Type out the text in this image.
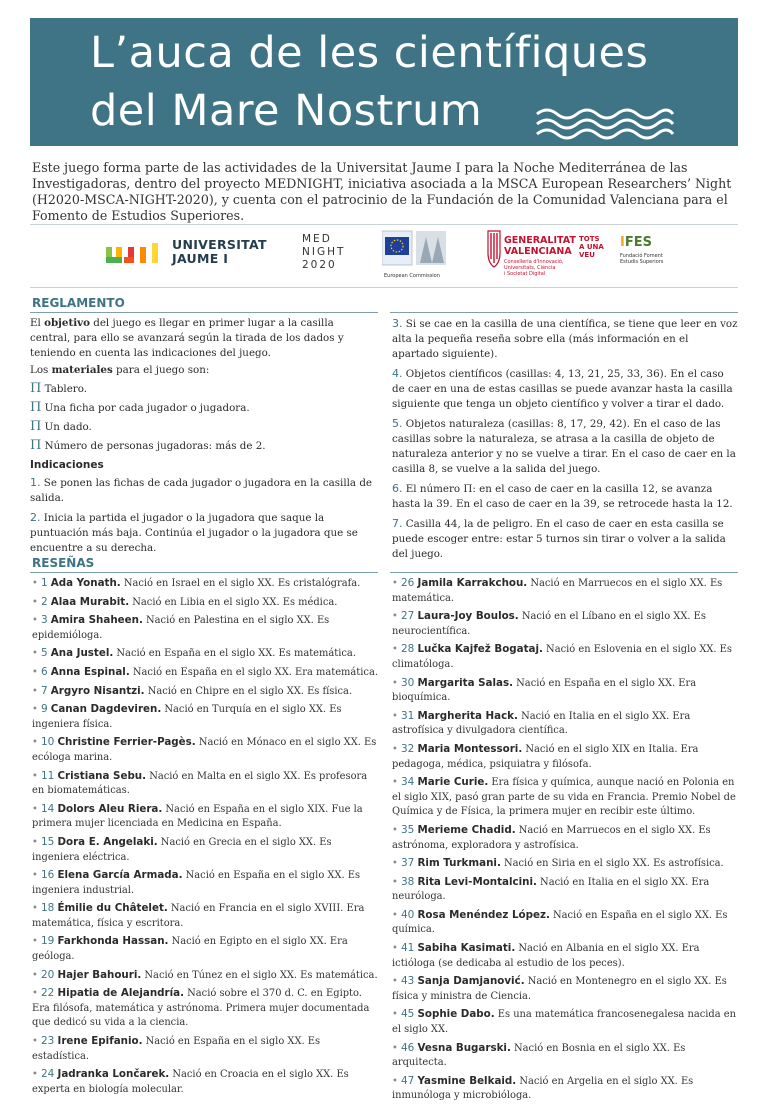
L’auca de les científiques
del Mare Nostrum

Este juego forma parte de las actividades de la Universitat Jaume I para la Noche Mediterránea de las Investigadoras, dentro del proyecto MEDNIGHT, iniciativa asociada a la MSCA European Researchers’ Night (H2020-MSCA-NIGHT-2020), y cuenta con el patrocinio de la Fundación de la Comunidad Valenciana para el Fomento de Estudios Superiores.

UNIVERSITAT
JAUME I
MED
NIGHT
2020
European Commission
GENERALITAT
VALENCIANA
Conselleria d'Innovació,
Universitats, Ciència
i Societat Digital
TOTS
A UNA
VEU
IFES
Fundació Foment
Estudis Superiors
REGLAMENTO

El objetivo del juego es llegar en primer lugar a la casilla central, para ello se avanzará según la tirada de los dados y teniendo en cuenta las indicaciones del juego.

Los materiales para el juego son:

Π Tablero.

Π Una ficha por cada jugador o jugadora.

Π Un dado.

Π Número de personas jugadoras: más de 2.

Indicaciones

1. Se ponen las fichas de cada jugador o jugadora en la casilla de salida.

2. Inicia la partida el jugador o la jugadora que saque la puntuación más baja. Continúa el jugador o la jugadora que se encuentre a su derecha.

3. Si se cae en la casilla de una científica, se tiene que leer en voz alta la pequeña reseña sobre ella (más información en el apartado siguiente).

4. Objetos científicos (casillas: 4, 13, 21, 25, 33, 36). En el caso de caer en una de estas casillas se puede avanzar hasta la casilla siguiente que tenga un objeto científico y volver a tirar el dado.

5. Objetos naturaleza (casillas: 8, 17, 29, 42). En el caso de las casillas sobre la naturaleza, se atrasa a la casilla de objeto de naturaleza anterior y no se vuelve a tirar. En el caso de caer en la casilla 8, se vuelve a la salida del juego.

6. El número Π: en el caso de caer en la casilla 12, se avanza hasta la 39. En el caso de caer en la 39, se retrocede hasta la 12.

7. Casilla 44, la de peligro. En el caso de caer en esta casilla se puede escoger entre: estar 5 turnos sin tirar o volver a la salida del juego.

RESEÑAS

• 1 Ada Yonath. Nació en Israel en el siglo XX. Es cristalógrafa.

• 2 Alaa Murabit. Nació en Libia en el siglo XX. Es médica.

• 3 Amira Shaheen. Nació en Palestina en el siglo XX. Es epidemióloga.

• 5 Ana Justel. Nació en España en el siglo XX. Es matemática.

• 6 Anna Espinal. Nació en España en el siglo XX. Era matemática.

• 7 Argyro Nisantzi. Nació en Chipre en el siglo XX. Es física.

• 9 Canan Dagdeviren. Nació en Turquía en el siglo XX. Es ingeniera física.

• 10 Christine Ferrier-Pagès. Nació en Mónaco en el siglo XX. Es ecóloga marina.

• 11 Cristiana Sebu. Nació en Malta en el siglo XX. Es profesora en biomatemáticas.

• 14 Dolors Aleu Riera. Nació en España en el siglo XIX. Fue la primera mujer licenciada en Medicina en España.

• 15 Dora E. Angelaki. Nació en Grecia en el siglo XX. Es ingeniera eléctrica.

• 16 Elena García Armada. Nació en España en el siglo XX. Es ingeniera industrial.

• 18 Émilie du Châtelet. Nació en Francia en el siglo XVIII. Era matemática, física y escritora.

• 19 Farkhonda Hassan. Nació en Egipto en el siglo XX. Era geóloga.

• 20 Hajer Bahouri. Nació en Túnez en el siglo XX. Es matemática.

• 22 Hipatia de Alejandría. Nació sobre el 370 d. C. en Egipto. Era filósofa, matemática y astrónoma. Primera mujer documentada que dedicó su vida a la ciencia.

• 23 Irene Epifanio. Nació en España en el siglo XX. Es estadística.

• 24 Jadranka Lončarek. Nació en Croacia en el siglo XX. Es experta en biología molecular.

• 26 Jamila Karrakchou. Nació en Marruecos en el siglo XX. Es matemática.

• 27 Laura-Joy Boulos. Nació en el Líbano en el siglo XX. Es neurocientífica.

• 28 Lučka Kajfež Bogataj. Nació en Eslovenia en el siglo XX. Es climatóloga.

• 30 Margarita Salas. Nació en España en el siglo XX. Era bioquímica.

• 31 Margherita Hack. Nació en Italia en el siglo XX. Era astrofísica y divulgadora científica.

• 32 Maria Montessori. Nació en el siglo XIX en Italia. Era pedagoga, médica, psiquiatra y filósofa.

• 34 Marie Curie. Era física y química, aunque nació en Polonia en el siglo XIX, pasó gran parte de su vida en Francia. Premio Nobel de Química y de Física, la primera mujer en recibir este último.

• 35 Merieme Chadid. Nació en Marruecos en el siglo XX. Es astrónoma, exploradora y astrofísica.

• 37 Rim Turkmani. Nació en Siria en el siglo XX. Es astrofísica.

• 38 Rita Levi-Montalcini. Nació en Italia en el siglo XX. Era neuróloga.

• 40 Rosa Menéndez López. Nació en España en el siglo XX. Es química.

• 41 Sabiha Kasimati. Nació en Albania en el siglo XX. Era ictióloga (se dedicaba al estudio de los peces).

• 43 Sanja Damjanović. Nació en Montenegro en el siglo XX. Es física y ministra de Ciencia.

• 45 Sophie Dabo. Es una matemática francosenegalesa nacida en el siglo XX.

• 46 Vesna Bugarski. Nació en Bosnia en el siglo XX. Es arquitecta.

• 47 Yasmine Belkaid. Nació en Argelia en el siglo XX. Es inmunóloga y microbióloga.
